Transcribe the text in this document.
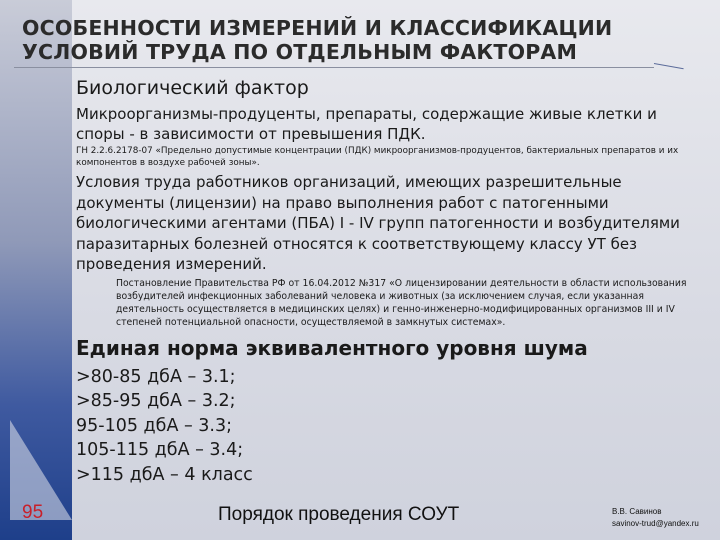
ОСОБЕННОСТИ ИЗМЕРЕНИЙ И КЛАССИФИКАЦИИ
УСЛОВИЙ ТРУДА ПО ОТДЕЛЬНЫМ ФАКТОРАМ
Биологический фактор

Микроорганизмы-продуценты, препараты, содержащие живые клетки и споры - в зависимости от превышения ПДК.

ГН 2.2.6.2178-07 «Предельно допустимые концентрации (ПДК) микроорганизмов-продуцентов, бактериальных препаратов и их компонентов в воздухе рабочей зоны».

Условия труда работников организаций, имеющих разрешительные документы (лицензии) на право выполнения работ с патогенными биологическими агентами (ПБА) I - IV групп патогенности и возбудителями паразитарных болезней относятся к соответствующему классу УТ без проведения измерений.

Постановление Правительства РФ от 16.04.2012 №317 «О лицензировании деятельности в области использования возбудителей инфекционных заболеваний человека и животных (за исключением случая, если указанная деятельность осуществляется в медицинских целях) и генно-инженерно-модифицированных организмов III и IV степеней потенциальной опасности, осуществляемой в замкнутых системах».

Единая норма эквивалентного уровня шума
>80-85 дбА – 3.1;
>85-95 дбА – 3.2;
95-105 дбА – 3.3;
105-115 дбА – 3.4;
>115 дбА – 4 класс
95	Порядок проведения СОУТ	В.В. Савинов
savinov-trud@yandex.ru
